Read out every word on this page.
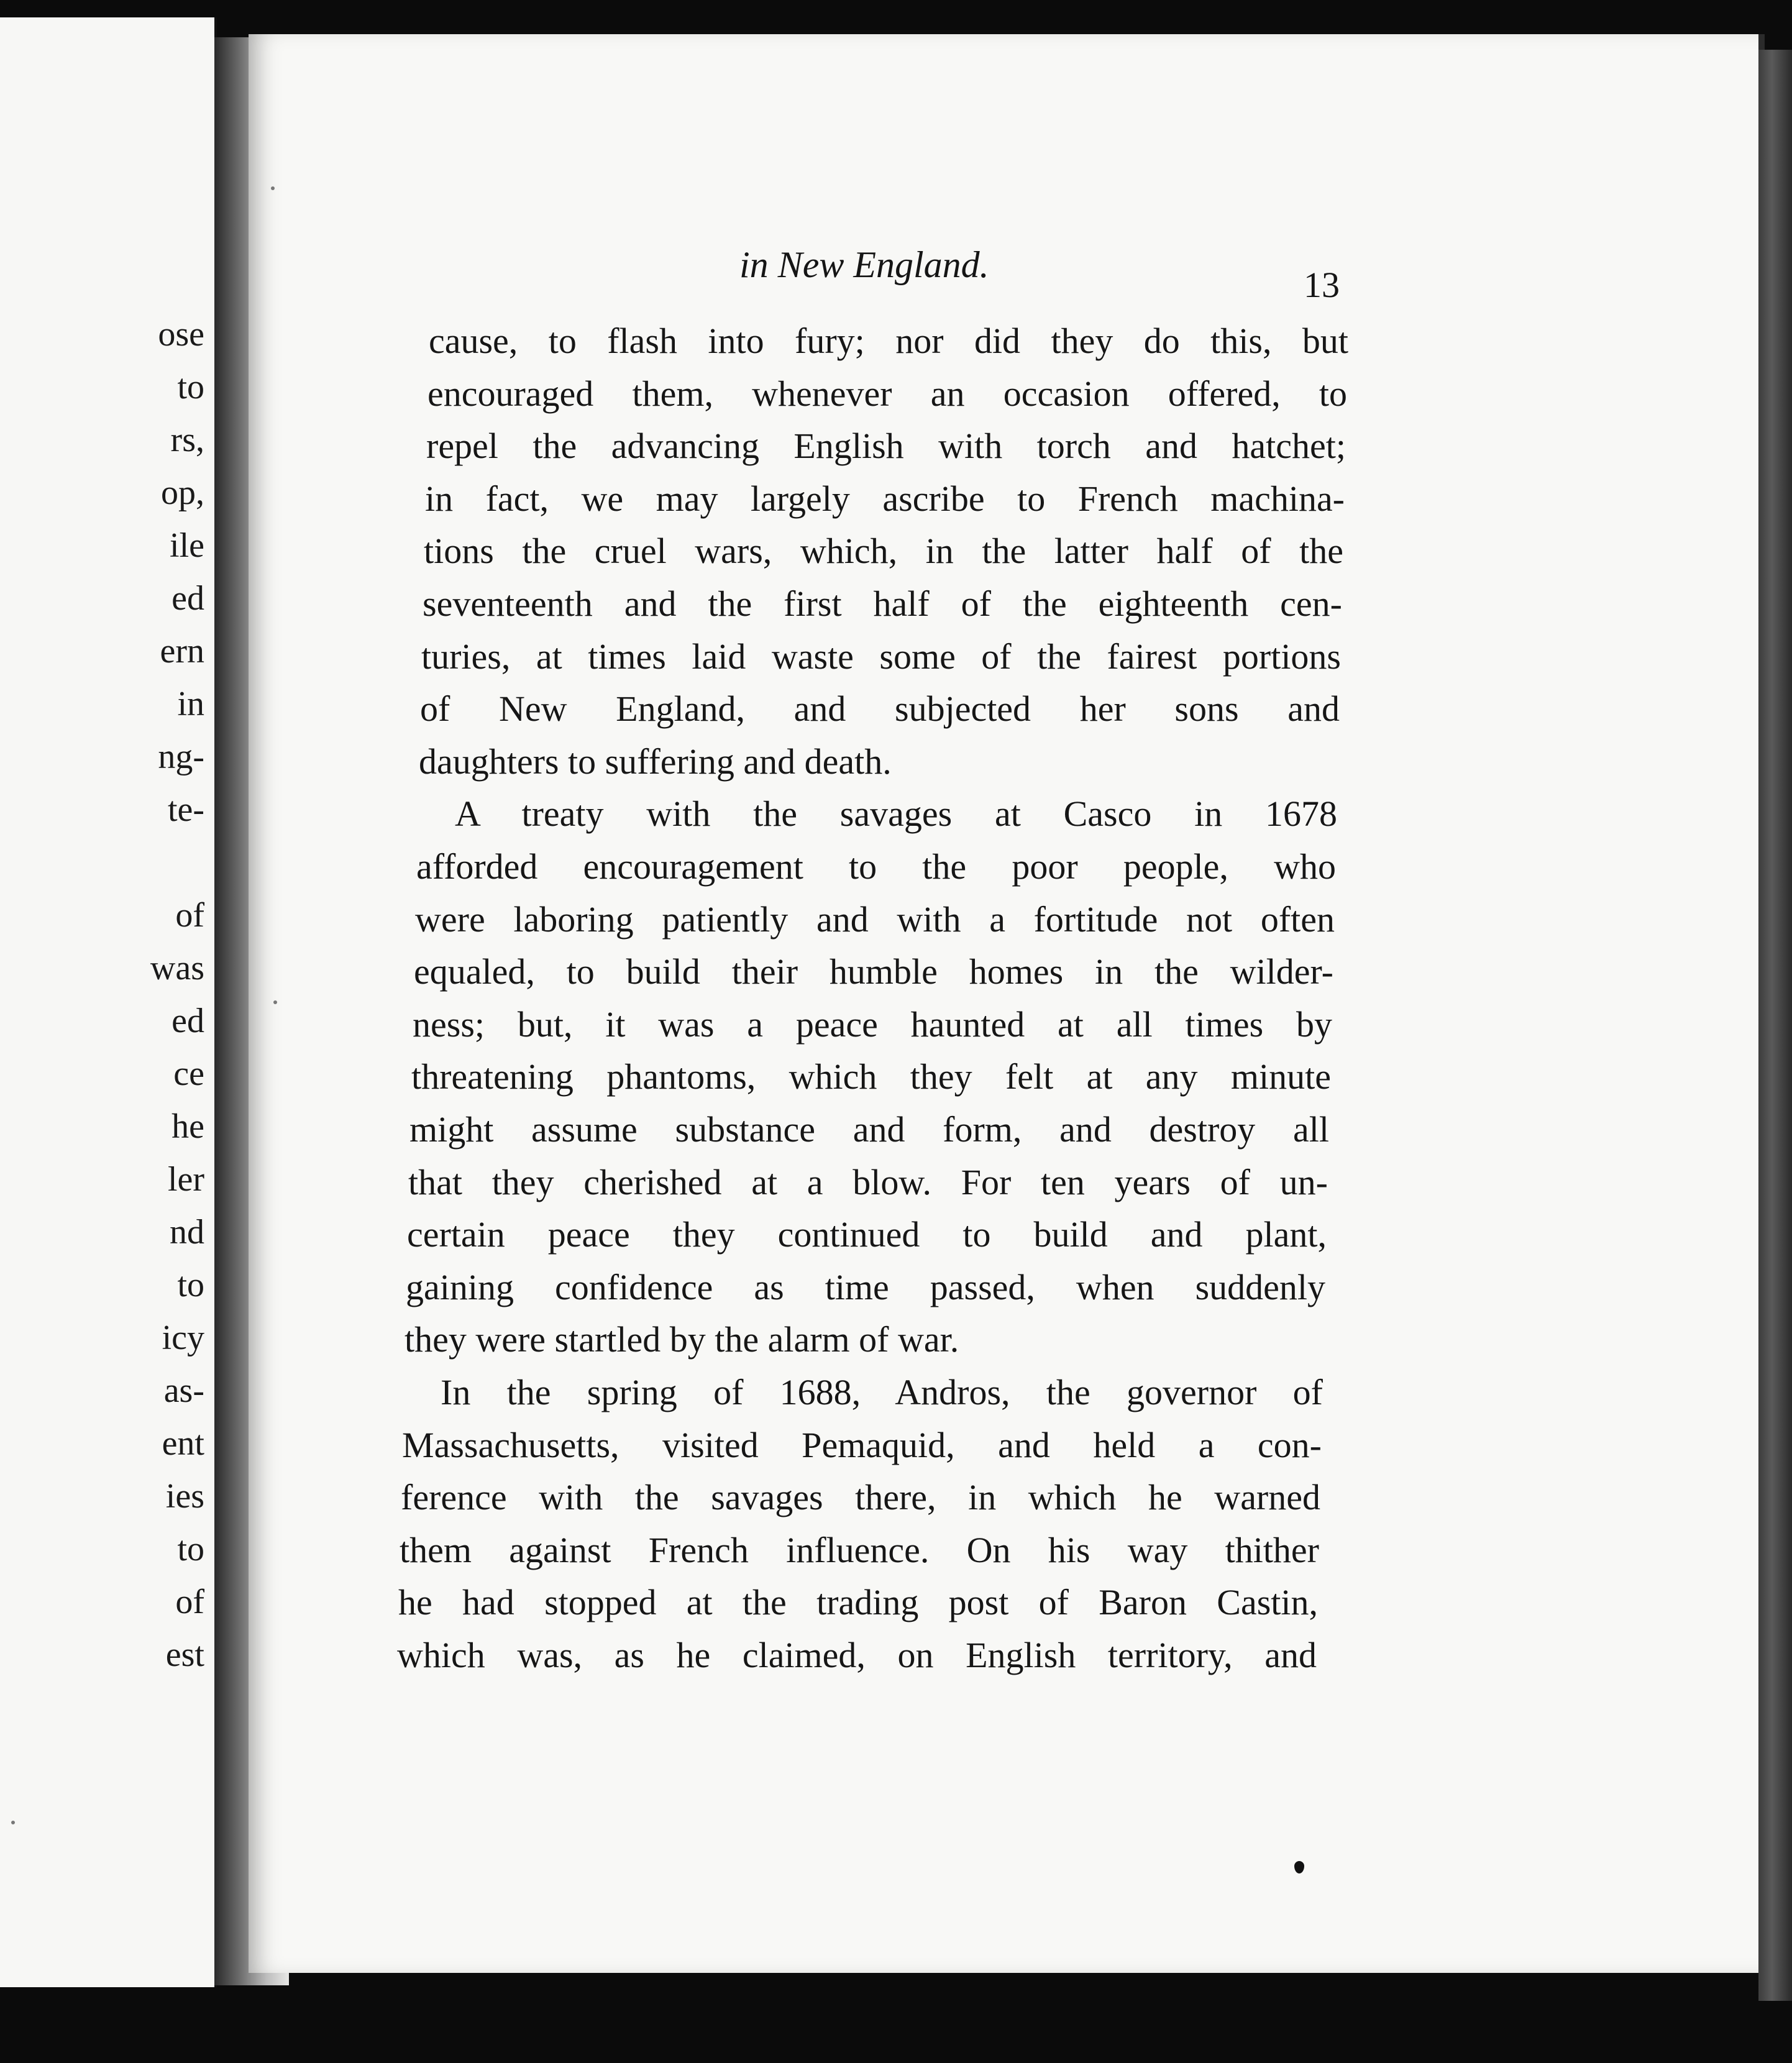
ose
to
rs,
op,
ile
ed
ern
in
ng-
te-
of
was
ed
ce
he
ler
nd
to
icy
as-
ent
ies
to
of
est
in New England.	13
cause, to flash into fury; nor did they do this, but
encouraged them, whenever an occasion offered, to
repel the advancing English with torch and hatchet;
in fact, we may largely ascribe to French machina-
tions the cruel wars, which, in the latter half of the
seventeenth and the first half of the eighteenth cen-
turies, at times laid waste some of the fairest portions
of New England, and subjected her sons and
daughters to suffering and death.
A treaty with the savages at Casco in 1678
afforded encouragement to the poor people, who
were laboring patiently and with a fortitude not often
equaled, to build their humble homes in the wilder-
ness; but, it was a peace haunted at all times by
threatening phantoms, which they felt at any minute
might assume substance and form, and destroy all
that they cherished at a blow. For ten years of un-
certain peace they continued to build and plant,
gaining confidence as time passed, when suddenly
they were startled by the alarm of war.
In the spring of 1688, Andros, the governor of
Massachusetts, visited Pemaquid, and held a con-
ference with the savages there, in which he warned
them against French influence. On his way thither
he had stopped at the trading post of Baron Castin,
which was, as he claimed, on English territory, and
